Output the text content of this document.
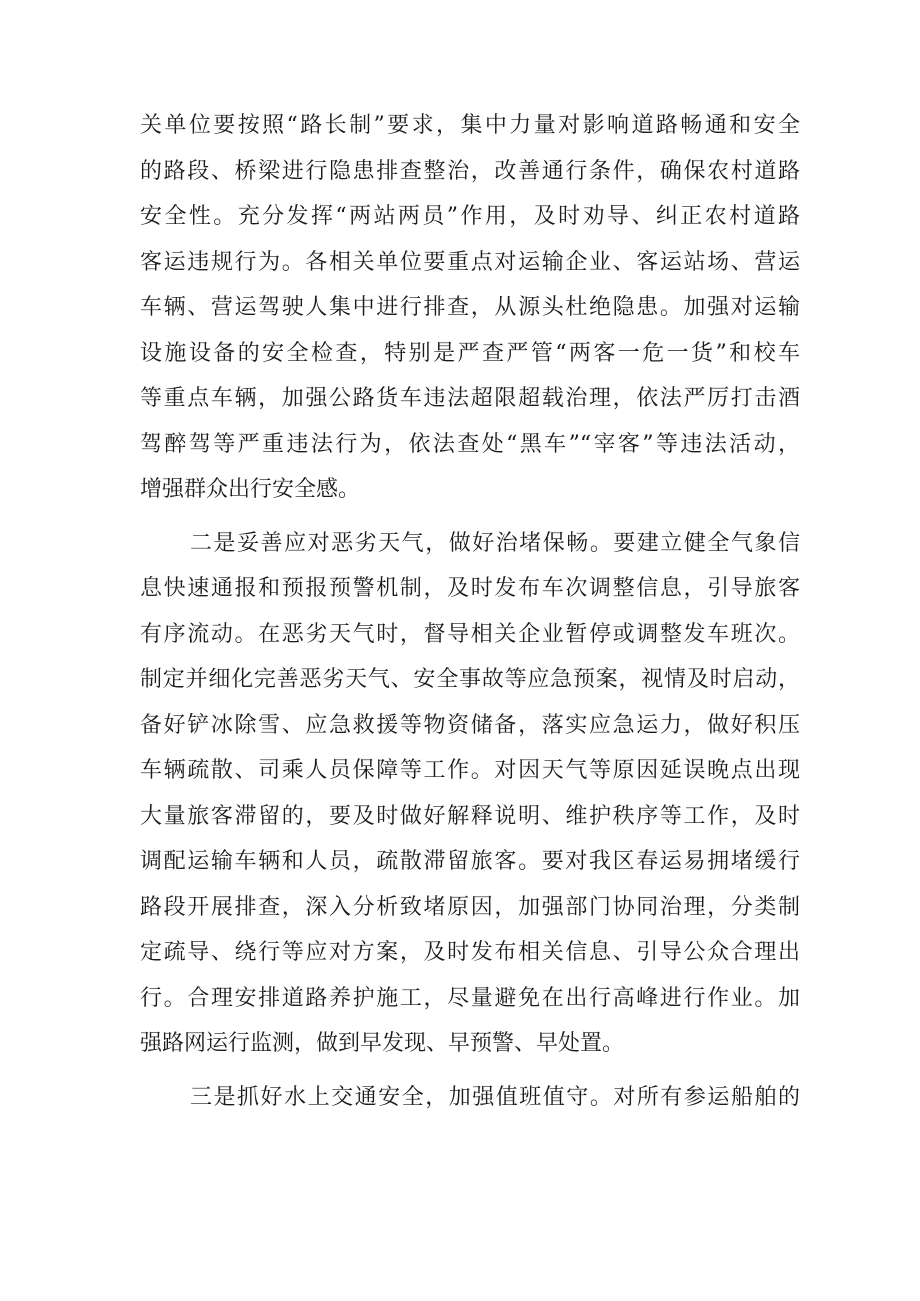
关单位要按照“路长制”要求，集中力量对影响道路畅通和安全
的路段、桥梁进行隐患排查整治，改善通行条件，确保农村道路
安全性。充分发挥“两站两员”作用，及时劝导、纠正农村道路
客运违规行为。各相关单位要重点对运输企业、客运站场、营运
车辆、营运驾驶人集中进行排查，从源头杜绝隐患。加强对运输
设施设备的安全检查，特别是严查严管“两客一危一货”和校车
等重点车辆，加强公路货车违法超限超载治理，依法严厉打击酒
驾醉驾等严重违法行为，依法查处“黑车”“宰客”等违法活动，
增强群众出行安全感。
二是妥善应对恶劣天气，做好治堵保畅。要建立健全气象信
息快速通报和预报预警机制，及时发布车次调整信息，引导旅客
有序流动。在恶劣天气时，督导相关企业暂停或调整发车班次。
制定并细化完善恶劣天气、安全事故等应急预案，视情及时启动，
备好铲冰除雪、应急救援等物资储备，落实应急运力，做好积压
车辆疏散、司乘人员保障等工作。对因天气等原因延误晚点出现
大量旅客滞留的，要及时做好解释说明、维护秩序等工作，及时
调配运输车辆和人员，疏散滞留旅客。要对我区春运易拥堵缓行
路段开展排查，深入分析致堵原因，加强部门协同治理，分类制
定疏导、绕行等应对方案，及时发布相关信息、引导公众合理出
行。合理安排道路养护施工，尽量避免在出行高峰进行作业。加
强路网运行监测，做到早发现、早预警、早处置。
三是抓好水上交通安全，加强值班值守。对所有参运船舶的
